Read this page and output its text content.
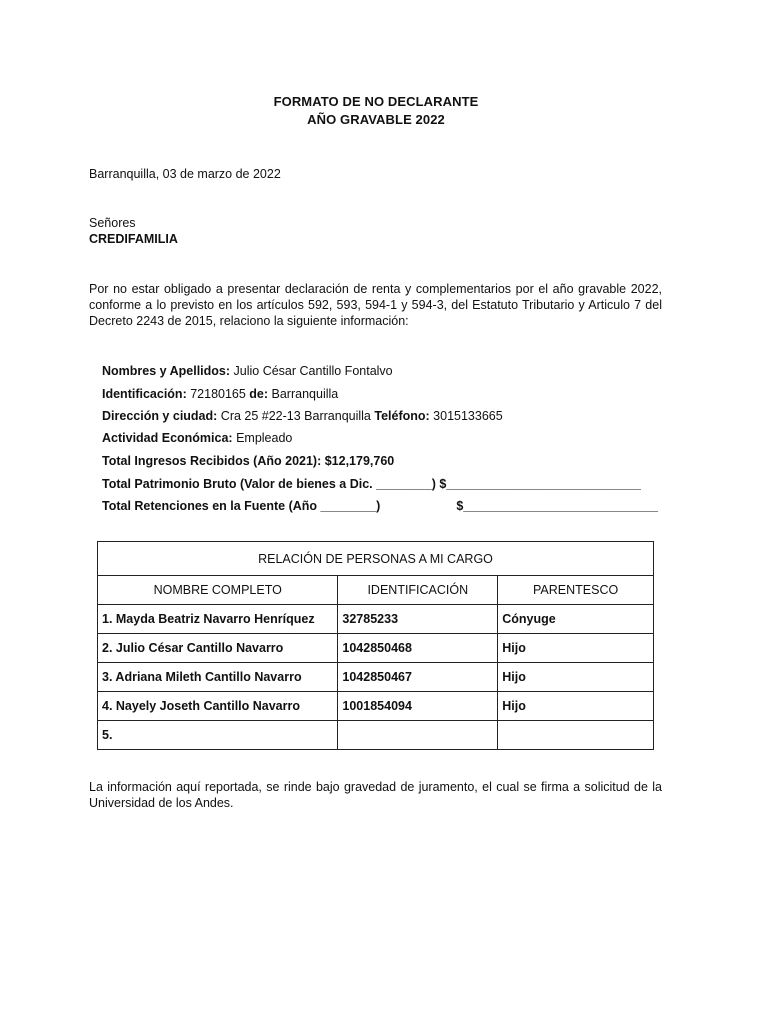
FORMATO DE NO DECLARANTE
AÑO GRAVABLE 2022
Barranquilla, 03 de marzo de 2022
Señores
CREDIFAMILIA
Por no estar obligado a presentar declaración de renta y complementarios por el año gravable 2022, conforme a lo previsto en los artículos 592, 593, 594-1 y 594-3, del Estatuto Tributario y Articulo 7 del Decreto 2243 de 2015, relaciono la siguiente información:
Nombres y Apellidos: Julio César Cantillo Fontalvo
Identificación: 72180165 de: Barranquilla
Dirección y ciudad: Cra 25 #22-13 Barranquilla Teléfono: 3015133665
Actividad Económica: Empleado
Total Ingresos Recibidos (Año 2021): $12,179,760
Total Patrimonio Bruto (Valor de bienes a Dic. ________) $____________________________
Total Retenciones en la Fuente (Año ________)	$____________________________
RELACIÓN DE PERSONAS A MI CARGO		
NOMBRE COMPLETO	IDENTIFICACIÓN	PARENTESCO
1. Mayda Beatriz Navarro Henríquez	32785233	Cónyuge
2. Julio César Cantillo Navarro	1042850468	Hijo
3. Adriana Mileth Cantillo Navarro	1042850467	Hijo
4. Nayely Joseth Cantillo Navarro	1001854094	Hijo
5.		
La información aquí reportada, se rinde bajo gravedad de juramento, el cual se firma a solicitud de la Universidad de los Andes.
